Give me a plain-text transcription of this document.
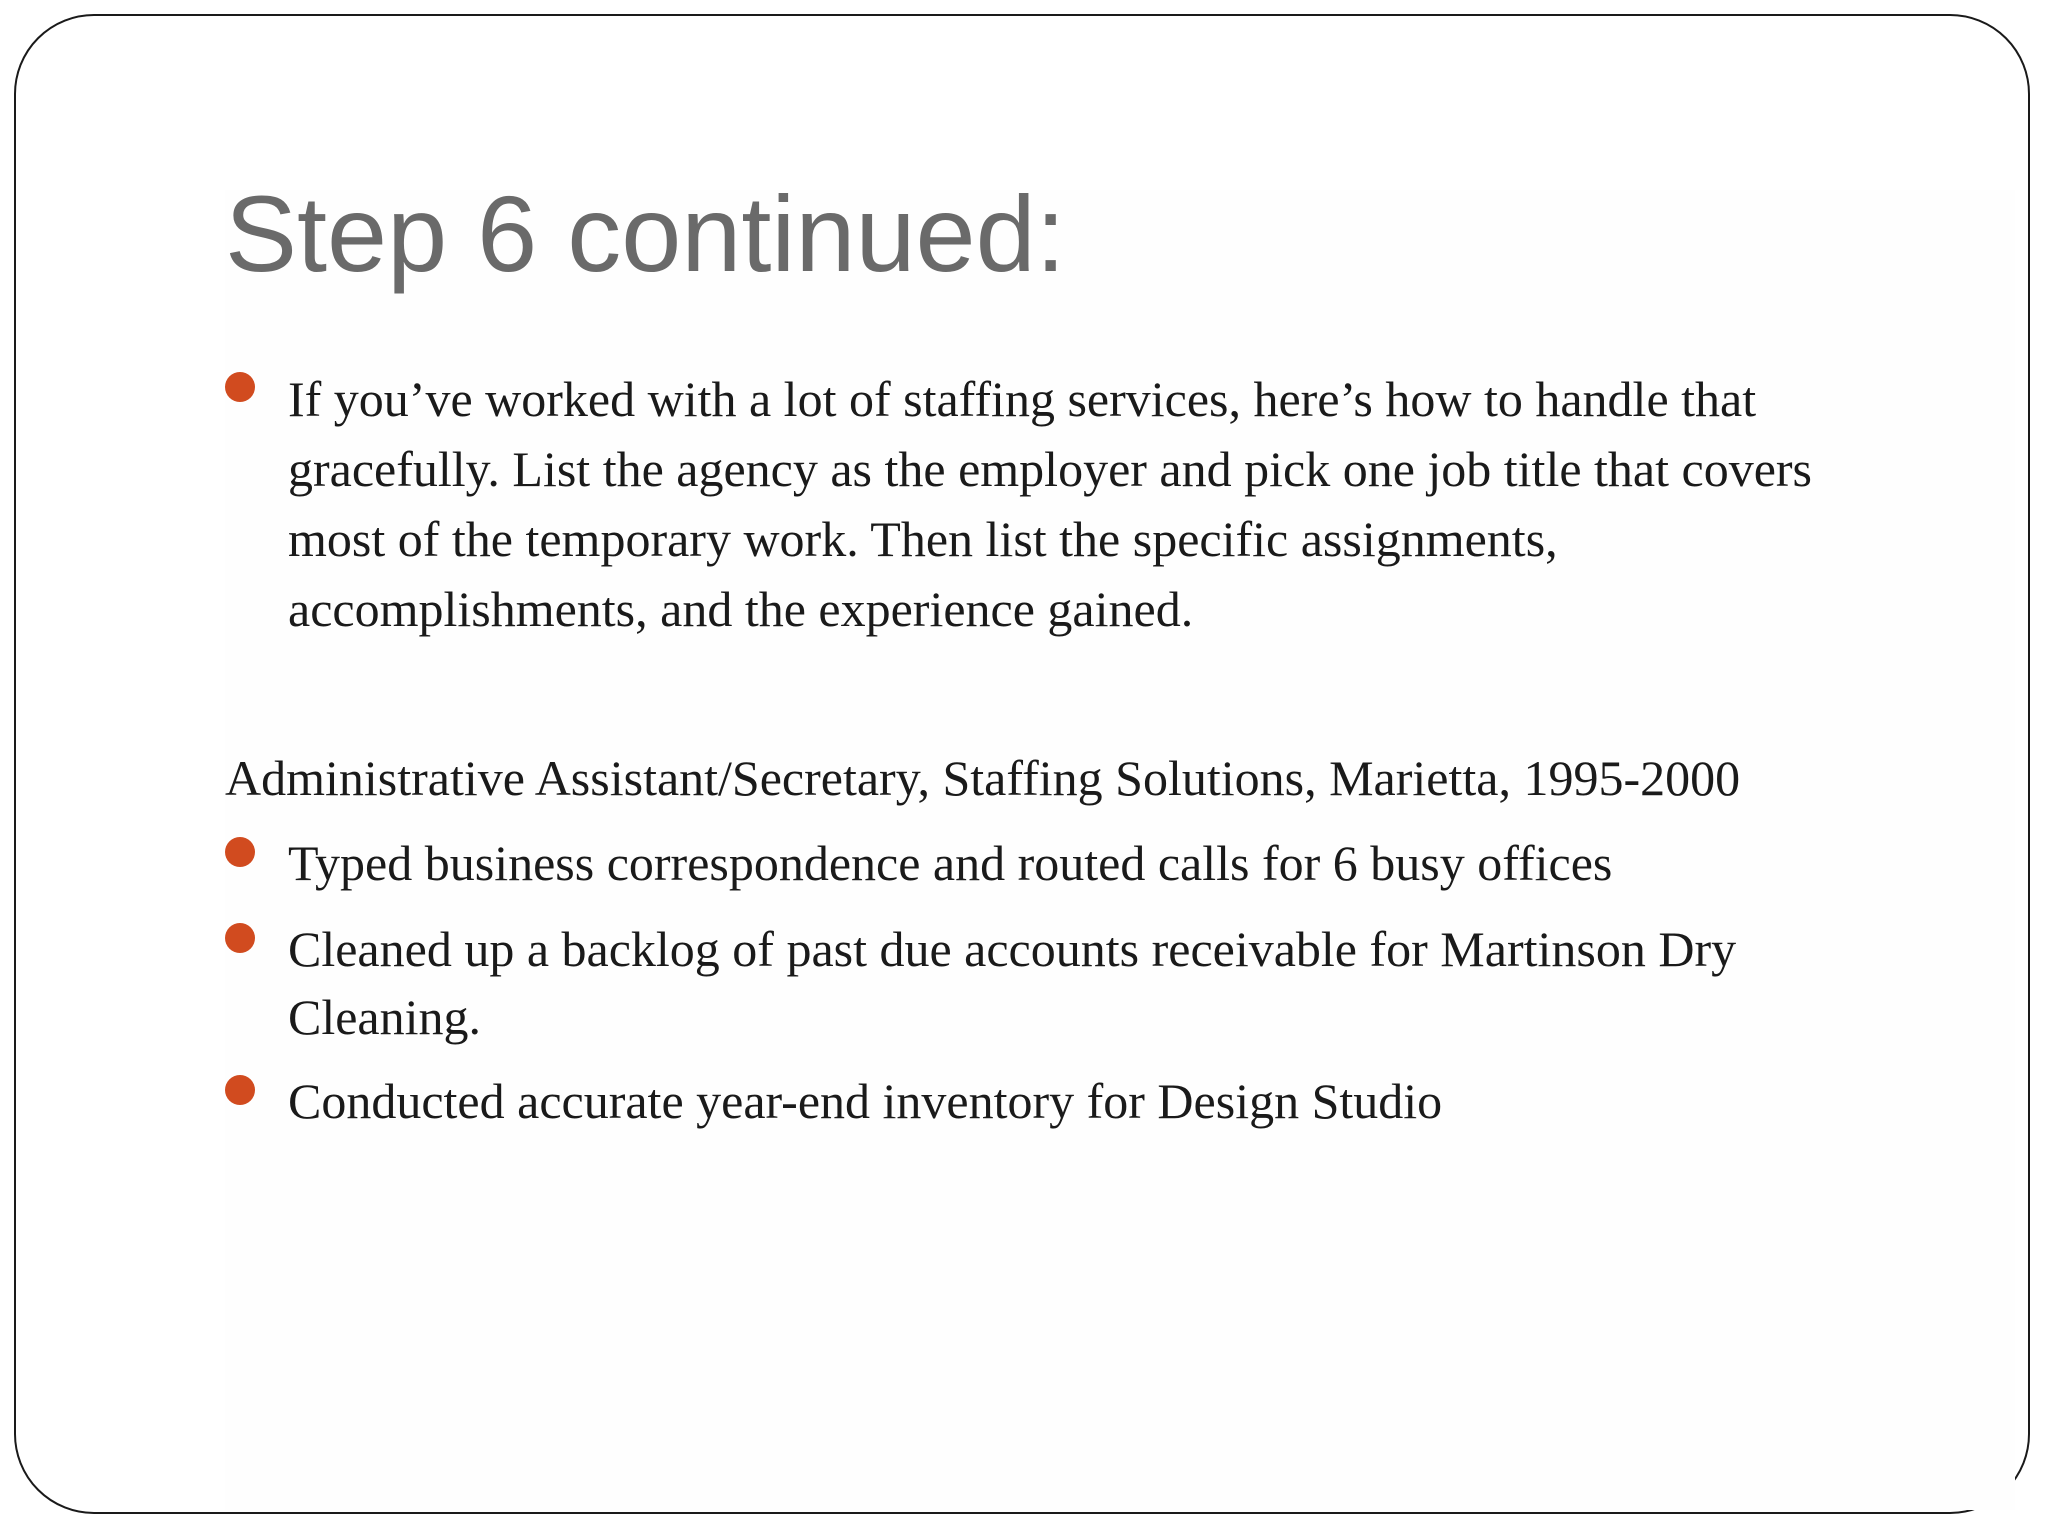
Step 6 continued:
If you’ve worked with a lot of staffing services, here’s how to handle that gracefully. List the agency as the employer and pick one job title that covers most of the temporary work. Then list the specific assignments, accomplishments, and the experience gained.
Administrative Assistant/Secretary, Staffing Solutions, Marietta, 1995-2000
Typed business correspondence and routed calls for 6 busy offices
Cleaned up a backlog of past due accounts receivable for Martinson Dry Cleaning.
Conducted accurate year-end inventory for Design Studio
